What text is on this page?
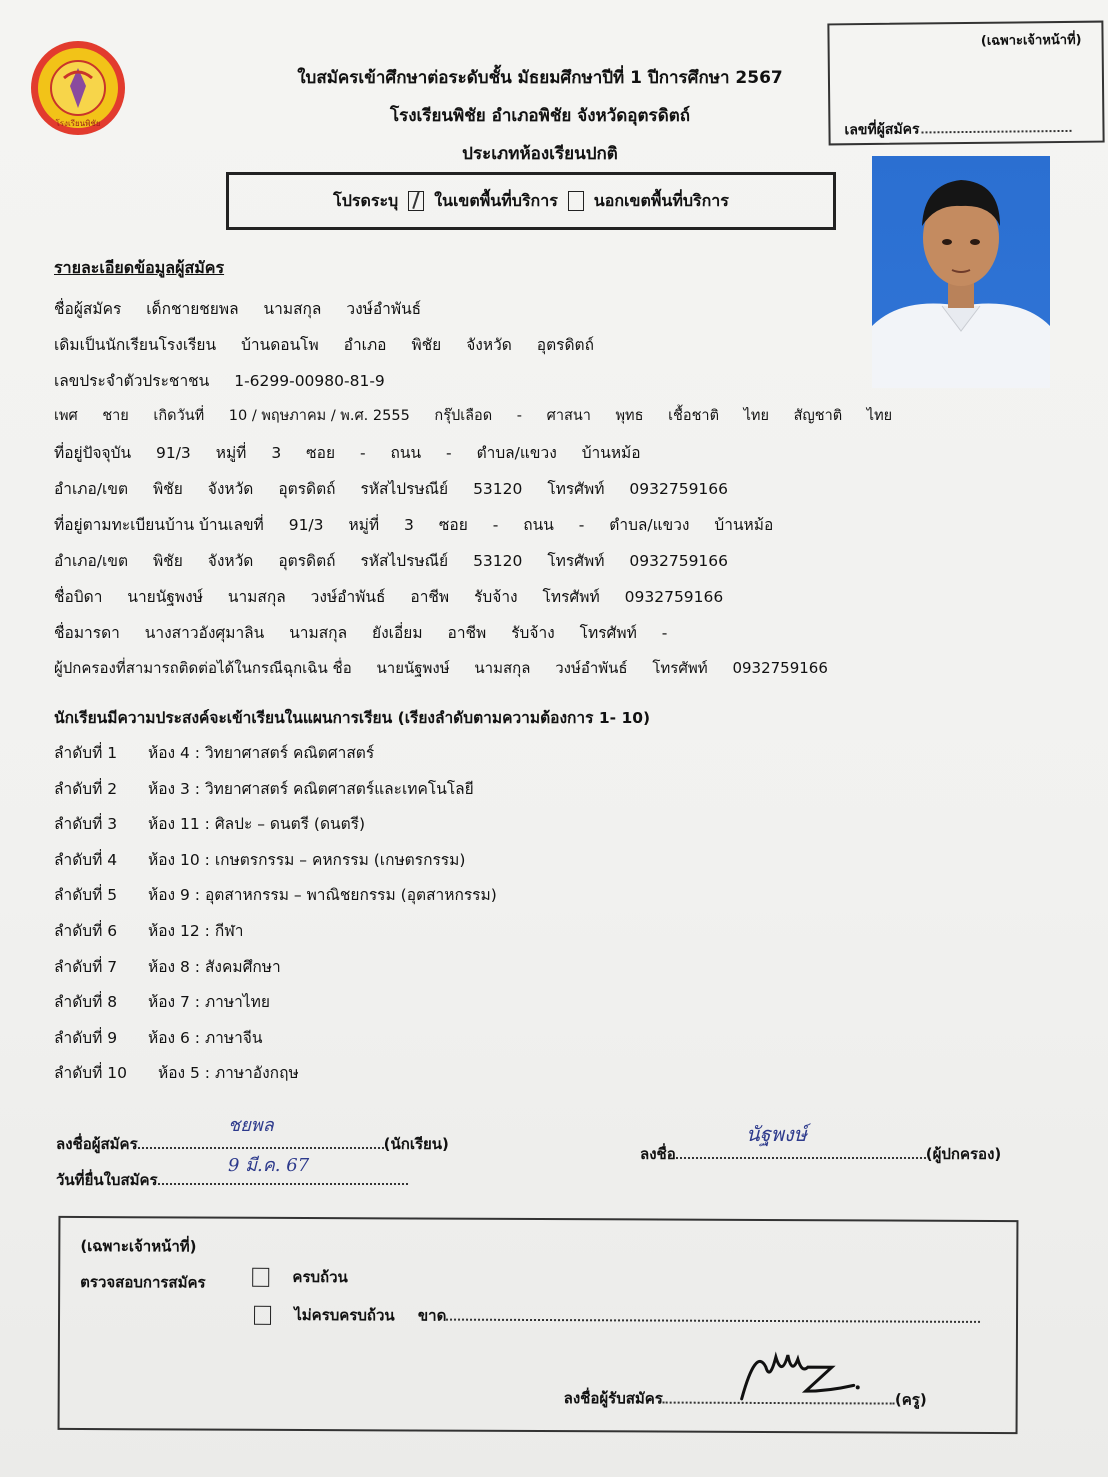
โรงเรียนพิชัย
ใบสมัครเข้าศึกษาต่อระดับชั้น มัธยมศึกษาปีที่ 1 ปีการศึกษา 2567
โรงเรียนพิชัย อำเภอพิชัย จังหวัดอุตรดิตถ์
ประเภทห้องเรียนปกติ
(เฉพาะเจ้าหน้าที่)
เลขที่ผู้สมัคร
โปรดระบุ ในเขตพื้นที่บริการ นอกเขตพื้นที่บริการ
รายละเอียดข้อมูลผู้สมัคร
ชื่อผู้สมัคร เด็กชายชยพล นามสกุล วงษ์อำพันธ์
เดิมเป็นนักเรียนโรงเรียน บ้านดอนโพ อำเภอ พิชัย จังหวัด อุตรดิตถ์
เลขประจำตัวประชาชน 1-6299-00980-81-9
เพศ ชาย เกิดวันที่ 10 / พฤษภาคม / พ.ศ. 2555 กรุ๊ปเลือด - ศาสนา พุทธ เชื้อชาติ ไทย สัญชาติ ไทย
ที่อยู่ปัจจุบัน 91/3 หมู่ที่ 3 ซอย - ถนน - ตำบล/แขวง บ้านหม้อ
อำเภอ/เขต พิชัย จังหวัด อุตรดิตถ์ รหัสไปรษณีย์ 53120 โทรศัพท์ 0932759166
ที่อยู่ตามทะเบียนบ้าน บ้านเลขที่ 91/3 หมู่ที่ 3 ซอย - ถนน - ตำบล/แขวง บ้านหม้อ
อำเภอ/เขต พิชัย จังหวัด อุตรดิตถ์ รหัสไปรษณีย์ 53120 โทรศัพท์ 0932759166
ชื่อบิดา นายนัฐพงษ์ นามสกุล วงษ์อำพันธ์ อาชีพ รับจ้าง โทรศัพท์ 0932759166
ชื่อมารดา นางสาวอังศุมาลิน นามสกุล ยังเอี่ยม อาชีพ รับจ้าง โทรศัพท์ -
ผู้ปกครองที่สามารถติดต่อได้ในกรณีฉุกเฉิน ชื่อ นายนัฐพงษ์ นามสกุล วงษ์อำพันธ์ โทรศัพท์ 0932759166
นักเรียนมีความประสงค์จะเข้าเรียนในแผนการเรียน (เรียงลำดับตามความต้องการ 1- 10)
ลำดับที่ 1 ห้อง 4 : วิทยาศาสตร์ คณิตศาสตร์
ลำดับที่ 2 ห้อง 3 : วิทยาศาสตร์ คณิตศาสตร์และเทคโนโลยี
ลำดับที่ 3 ห้อง 11 : ศิลปะ – ดนตรี (ดนตรี)
ลำดับที่ 4 ห้อง 10 : เกษตรกรรม – คหกรรม (เกษตรกรรม)
ลำดับที่ 5 ห้อง 9 : อุตสาหกรรม – พาณิชยกรรม (อุตสาหกรรม)
ลำดับที่ 6 ห้อง 12 : กีฬา
ลำดับที่ 7 ห้อง 8 : สังคมศึกษา
ลำดับที่ 8 ห้อง 7 : ภาษาไทย
ลำดับที่ 9 ห้อง 6 : ภาษาจีน
ลำดับที่ 10 ห้อง 5 : ภาษาอังกฤษ
ลงชื่อผู้สมัคร	(นักเรียน)
ชยพล
วันที่ยื่นใบสมัคร
9 มี.ค. 67
ลงชื่อ	(ผู้ปกครอง)
นัฐพงษ์
(เฉพาะเจ้าหน้าที่)
ตรวจสอบการสมัคร	ครบถ้วน
ไม่ครบครบถ้วน ขาด
ลงชื่อผู้รับสมัคร	(ครู)
